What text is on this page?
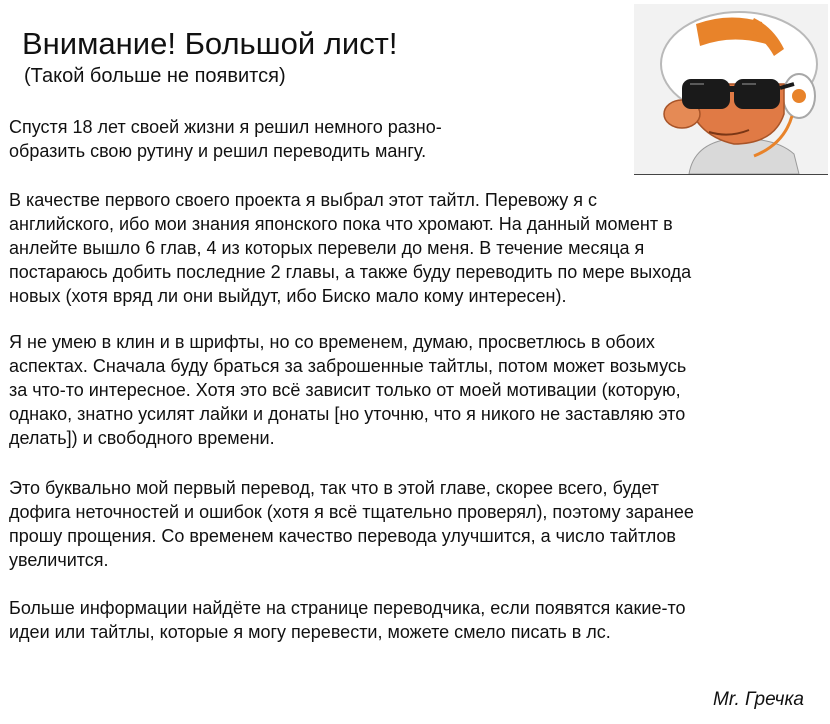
Внимание! Большой лист!
(Такой больше не появится)

Спустя 18 лет своей жизни я решил немного разно-
образить свою рутину и решил переводить мангу.

В качестве первого своего проекта я выбрал этот тайтл. Перевожу я с
английского, ибо мои знания японского пока что хромают. На данный момент в
анлейте вышло 6 глав, 4 из которых перевели до меня. В течение месяца я
постараюсь добить последние 2 главы, а также буду переводить по мере выхода
новых (хотя вряд ли они выйдут, ибо Биско мало кому интересен).

Я не умею в клин и в шрифты, но со временем, думаю, просветлюсь в обоих
аспектах. Сначала буду браться за заброшенные тайтлы, потом может возьмусь
за что-то интересное. Хотя это всё зависит только от моей мотивации (которую,
однако, знатно усилят лайки и донаты [но уточню, что я никого не заставляю это
делать]) и свободного времени.

Это буквально мой первый перевод, так что в этой главе, скорее всего, будет
дофига неточностей и ошибок (хотя я всё тщательно проверял), поэтому заранее
прошу прощения. Со временем качество перевода улучшится, а число тайтлов
увеличится.

Больше информации найдёте на странице переводчика, если появятся какие-то
идеи или тайтлы, которые я могу перевести, можете смело писать в лс.

Mr. Гречка
